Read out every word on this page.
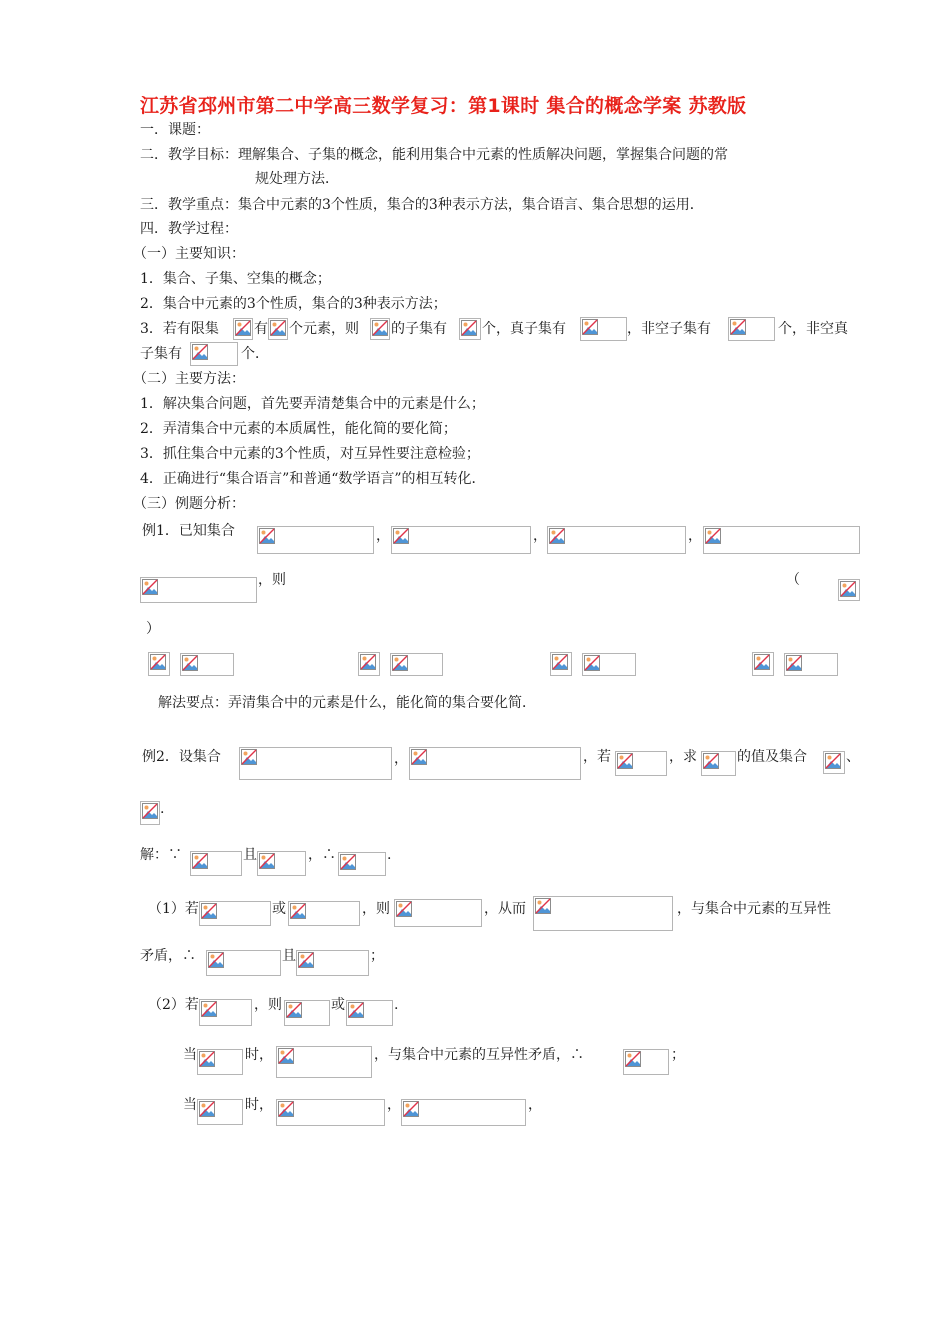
江苏省邳州市第二中学高三数学复习：第1课时 集合的概念学案 苏教版
一．课题：
二．教学目标：理解集合、子集的概念，能利用集合中元素的性质解决问题，掌握集合问题的常
规处理方法．
三．教学重点：集合中元素的3个性质，集合的3种表示方法，集合语言、集合思想的运用．
四．教学过程：
（一）主要知识：
1．集合、子集、空集的概念；
2．集合中元素的3个性质，集合的3种表示方法；
3．若有限集	有 个元素，则 的子集有	个，真子集有	，非空子集有	个，非空真
子集有	个．
（二）主要方法：
1．解决集合问题，首先要弄清楚集合中的元素是什么；
2．弄清集合中元素的本质属性，能化简的要化简；
3．抓住集合中元素的3个性质，对互异性要注意检验；
4．正确进行“集合语言”和普通“数学语言”的相互转化．
（三）例题分析：
例1．已知集合	，	，	，
，则	（
）
解法要点：弄清集合中的元素是什么，能化简的集合要化简．
例2．设集合	，	，若	，求	的值及集合	、
.
解：∵	且	，∴	.
（1）若	或	，则	，从而	，与集合中元素的互异性
矛盾，∴	且	；
（2）若	，则	或	.
当	时，	，与集合中元素的互异性矛盾，∴	；
当	时，	，	，
